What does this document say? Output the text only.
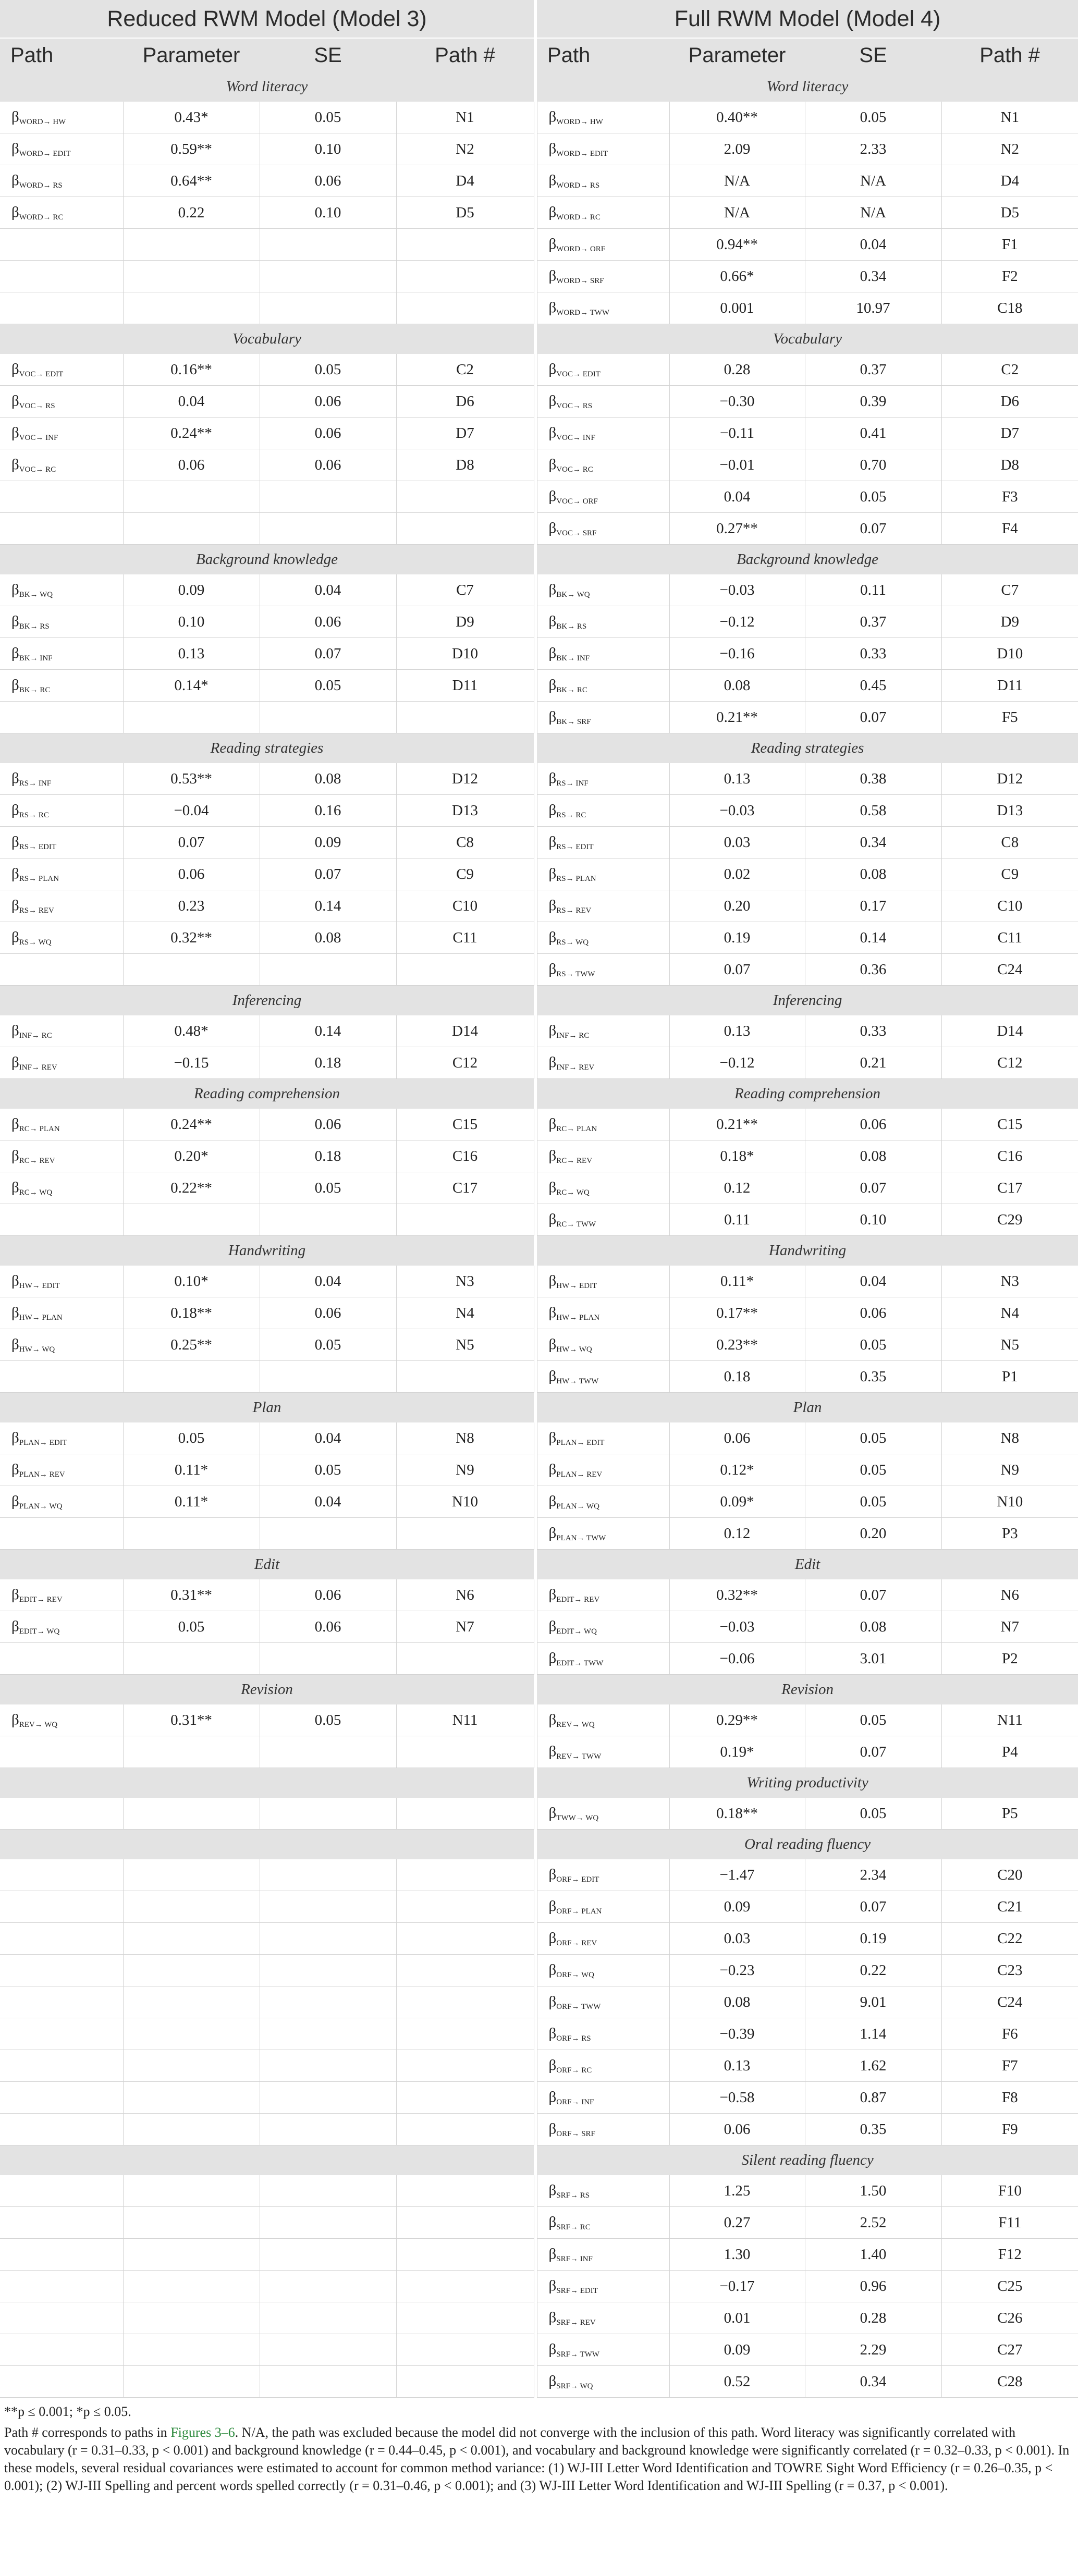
Reduced RWM Model (Model 3)					Full RWM Model (Model 4)			
Path	Parameter	SE	Path #		Path	Parameter	SE	Path #
Word literacy					Word literacy			
$\beta_{WORD\to HW}$	0.43*	0.05	N1		$\beta_{WORD\to HW}$	0.40**	0.05	N1
$\beta_{WORD\to EDIT}$	0.59**	0.10	N2		$\beta_{WORD\to EDIT}$	2.09	2.33	N2
$\beta_{WORD\to RS}$	0.64**	0.06	D4		$\beta_{WORD\to RS}$	N/A	N/A	D4
$\beta_{WORD\to RC}$	0.22	0.10	D5		$\beta_{WORD\to RC}$	N/A	N/A	D5
					$\beta_{WORD\to ORF}$	0.94**	0.04	F1
					$\beta_{WORD\to SRF}$	0.66*	0.34	F2
					$\beta_{WORD\to TWW}$	0.001	10.97	C18
Vocabulary					Vocabulary			
$\beta_{VOC\to EDIT}$	0.16**	0.05	C2		$\beta_{VOC\to EDIT}$	0.28	0.37	C2
$\beta_{VOC\to RS}$	0.04	0.06	D6		$\beta_{VOC\to RS}$	−0.30	0.39	D6
$\beta_{VOC\to INF}$	0.24**	0.06	D7		$\beta_{VOC\to INF}$	−0.11	0.41	D7
$\beta_{VOC\to RC}$	0.06	0.06	D8		$\beta_{VOC\to RC}$	−0.01	0.70	D8
					$\beta_{VOC\to ORF}$	0.04	0.05	F3
					$\beta_{VOC\to SRF}$	0.27**	0.07	F4
Background knowledge					Background knowledge			
$\beta_{BK\to WQ}$	0.09	0.04	C7		$\beta_{BK\to WQ}$	−0.03	0.11	C7
$\beta_{BK\to RS}$	0.10	0.06	D9		$\beta_{BK\to RS}$	−0.12	0.37	D9
$\beta_{BK\to INF}$	0.13	0.07	D10		$\beta_{BK\to INF}$	−0.16	0.33	D10
$\beta_{BK\to RC}$	0.14*	0.05	D11		$\beta_{BK\to RC}$	0.08	0.45	D11
					$\beta_{BK\to SRF}$	0.21**	0.07	F5
Reading strategies					Reading strategies			
$\beta_{RS\to INF}$	0.53**	0.08	D12		$\beta_{RS\to INF}$	0.13	0.38	D12
$\beta_{RS\to RC}$	−0.04	0.16	D13		$\beta_{RS\to RC}$	−0.03	0.58	D13
$\beta_{RS\to EDIT}$	0.07	0.09	C8		$\beta_{RS\to EDIT}$	0.03	0.34	C8
$\beta_{RS\to PLAN}$	0.06	0.07	C9		$\beta_{RS\to PLAN}$	0.02	0.08	C9
$\beta_{RS\to REV}$	0.23	0.14	C10		$\beta_{RS\to REV}$	0.20	0.17	C10
$\beta_{RS\to WQ}$	0.32**	0.08	C11		$\beta_{RS\to WQ}$	0.19	0.14	C11
					$\beta_{RS\to TWW}$	0.07	0.36	C24
Inferencing					Inferencing			
$\beta_{INF\to RC}$	0.48*	0.14	D14		$\beta_{INF\to RC}$	0.13	0.33	D14
$\beta_{INF\to REV}$	−0.15	0.18	C12		$\beta_{INF\to REV}$	−0.12	0.21	C12
Reading comprehension					Reading comprehension			
$\beta_{RC\to PLAN}$	0.24**	0.06	C15		$\beta_{RC\to PLAN}$	0.21**	0.06	C15
$\beta_{RC\to REV}$	0.20*	0.18	C16		$\beta_{RC\to REV}$	0.18*	0.08	C16
$\beta_{RC\to WQ}$	0.22**	0.05	C17		$\beta_{RC\to WQ}$	0.12	0.07	C17
					$\beta_{RC\to TWW}$	0.11	0.10	C29
Handwriting					Handwriting			
$\beta_{HW\to EDIT}$	0.10*	0.04	N3		$\beta_{HW\to EDIT}$	0.11*	0.04	N3
$\beta_{HW\to PLAN}$	0.18**	0.06	N4		$\beta_{HW\to PLAN}$	0.17**	0.06	N4
$\beta_{HW\to WQ}$	0.25**	0.05	N5		$\beta_{HW\to WQ}$	0.23**	0.05	N5
					$\beta_{HW\to TWW}$	0.18	0.35	P1
Plan					Plan			
$\beta_{PLAN\to EDIT}$	0.05	0.04	N8		$\beta_{PLAN\to EDIT}$	0.06	0.05	N8
$\beta_{PLAN\to REV}$	0.11*	0.05	N9		$\beta_{PLAN\to REV}$	0.12*	0.05	N9
$\beta_{PLAN\to WQ}$	0.11*	0.04	N10		$\beta_{PLAN\to WQ}$	0.09*	0.05	N10
					$\beta_{PLAN\to TWW}$	0.12	0.20	P3
Edit					Edit			
$\beta_{EDIT\to REV}$	0.31**	0.06	N6		$\beta_{EDIT\to REV}$	0.32**	0.07	N6
$\beta_{EDIT\to WQ}$	0.05	0.06	N7		$\beta_{EDIT\to WQ}$	−0.03	0.08	N7
					$\beta_{EDIT\to TWW}$	−0.06	3.01	P2
Revision					Revision			
$\beta_{REV\to WQ}$	0.31**	0.05	N11		$\beta_{REV\to WQ}$	0.29**	0.05	N11
					$\beta_{REV\to TWW}$	0.19*	0.07	P4
					Writing productivity			
					$\beta_{TWW\to WQ}$	0.18**	0.05	P5
					Oral reading fluency			
					$\beta_{ORF\to EDIT}$	−1.47	2.34	C20
					$\beta_{ORF\to PLAN}$	0.09	0.07	C21
					$\beta_{ORF\to REV}$	0.03	0.19	C22
					$\beta_{ORF\to WQ}$	−0.23	0.22	C23
					$\beta_{ORF\to TWW}$	0.08	9.01	C24
					$\beta_{ORF\to RS}$	−0.39	1.14	F6
					$\beta_{ORF\to RC}$	0.13	1.62	F7
					$\beta_{ORF\to INF}$	−0.58	0.87	F8
					$\beta_{ORF\to SRF}$	0.06	0.35	F9
					Silent reading fluency			
					$\beta_{SRF\to RS}$	1.25	1.50	F10
					$\beta_{SRF\to RC}$	0.27	2.52	F11
					$\beta_{SRF\to INF}$	1.30	1.40	F12
					$\beta_{SRF\to EDIT}$	−0.17	0.96	C25
					$\beta_{SRF\to REV}$	0.01	0.28	C26
					$\beta_{SRF\to TWW}$	0.09	2.29	C27
					$\beta_{SRF\to WQ}$	0.52	0.34	C28

**p ≤ 0.001; *p ≤ 0.05.

Path # corresponds to paths in Figures 3–6. N/A, the path was excluded because the model did not converge with the inclusion of this path. Word literacy was significantly correlated with vocabulary (r = 0.31–0.33, p < 0.001) and background knowledge (r = 0.44–0.45, p < 0.001), and vocabulary and background knowledge were significantly correlated (r = 0.32–0.33, p < 0.001). In these models, several residual covariances were estimated to account for common method variance: (1) WJ-III Letter Word Identification and TOWRE Sight Word Efficiency (r = 0.26–0.35, p < 0.001); (2) WJ-III Spelling and percent words spelled correctly (r = 0.31–0.46, p < 0.001); and (3) WJ-III Letter Word Identification and WJ-III Spelling (r = 0.37, p < 0.001).
